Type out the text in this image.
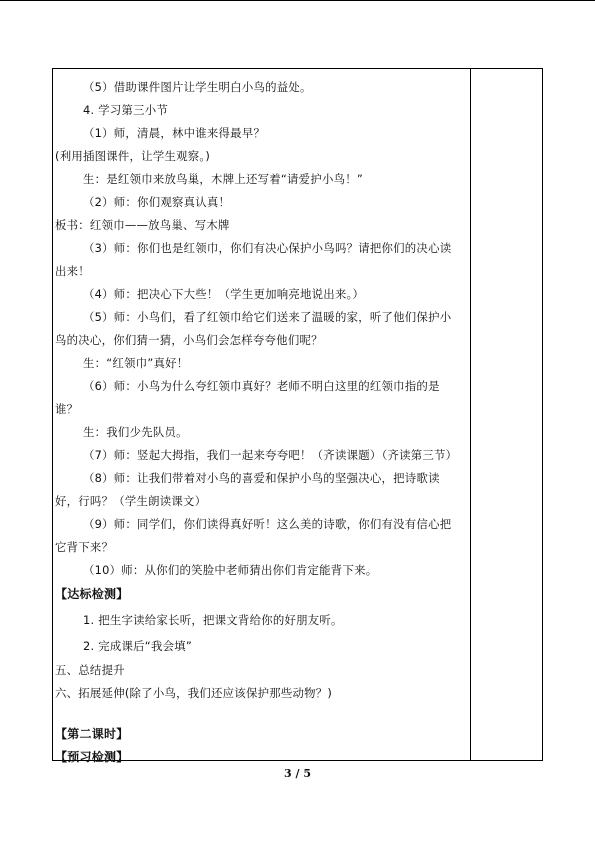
（5）借助课件图片让学生明白小鸟的益处。
4. 学习第三小节
（1）师，清晨，林中谁来得最早？
(利用插图课件，让学生观察。)
生：是红领巾来放鸟巢，木牌上还写着“请爱护小鸟！”
（2）师：你们观察真认真！
板书：红领巾——放鸟巢、写木牌
（3）师：你们也是红领巾，你们有决心保护小鸟吗？请把你们的决心读
出来！
（4）师：把决心下大些！（学生更加响亮地说出来。）
（5）师：小鸟们，看了红领巾给它们送来了温暖的家，听了他们保护小
鸟的决心，你们猜一猜，小鸟们会怎样夸夸他们呢？
生：“红领巾”真好！
（6）师：小鸟为什么夸红领巾真好？老师不明白这里的红领巾指的是
谁？
生：我们少先队员。
（7）师：竖起大拇指，我们一起来夸夸吧！（齐读课题）（齐读第三节）
（8）师：让我们带着对小鸟的喜爱和保护小鸟的坚强决心，把诗歌读
好，行吗？（学生朗读课文）
（9）师：同学们，你们读得真好听！这么美的诗歌，你们有没有信心把
它背下来？
（10）师：从你们的笑脸中老师猜出你们肯定能背下来。
【达标检测】
1. 把生字读给家长听，把课文背给你的好朋友听。
2. 完成课后“我会填”
五、总结提升
六、拓展延伸(除了小鸟，我们还应该保护那些动物？)
【第二课时】
【预习检测】
3 / 5
